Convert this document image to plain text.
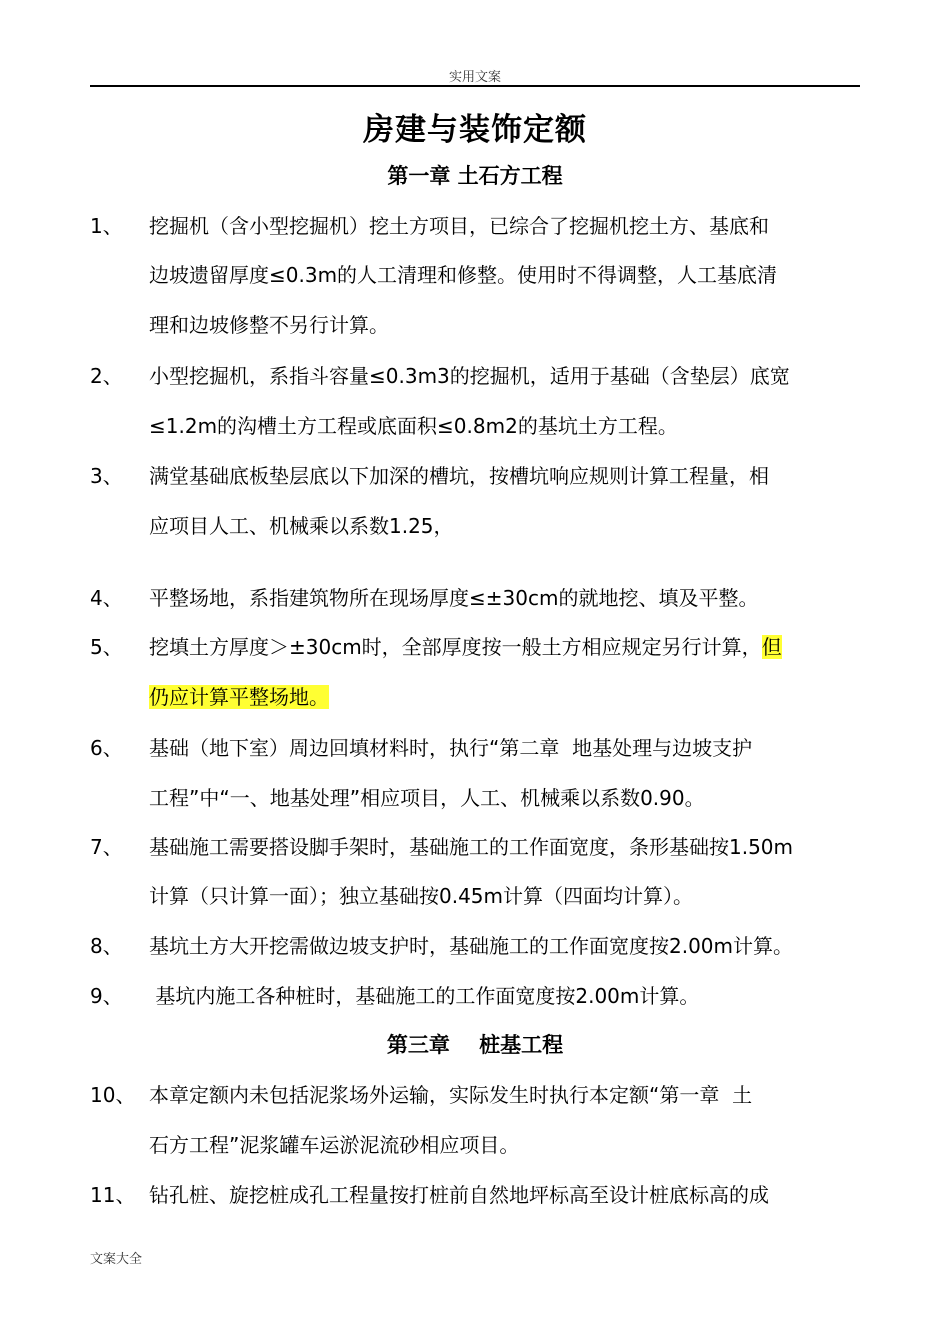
实用文案
房建与装饰定额
第一章 土石方工程
1、 挖掘机（含小型挖掘机）挖土方项目，已综合了挖掘机挖土方、基底和
边坡遗留厚度≤0.3m的人工清理和修整。使用时不得调整，人工基底清
理和边坡修整不另行计算。
2、 小型挖掘机，系指斗容量≤0.3m3的挖掘机，适用于基础（含垫层）底宽
≤1.2m的沟槽土方工程或底面积≤0.8m2的基坑土方工程。
3、 满堂基础底板垫层底以下加深的槽坑，按槽坑响应规则计算工程量，相
应项目人工、机械乘以系数1.25，
4、 平整场地，系指建筑物所在现场厚度≤±30cm的就地挖、填及平整。
5、 挖填土方厚度＞±30cm时，全部厚度按一般土方相应规定另行计算，但
仍应计算平整场地。
6、 基础（地下室）周边回填材料时，执行“第二章  地基处理与边坡支护
工程”中“一、地基处理”相应项目，人工、机械乘以系数0.90。
7、 基础施工需要搭设脚手架时，基础施工的工作面宽度，条形基础按1.50m
计算（只计算一面）；独立基础按0.45m计算（四面均计算）。
8、 基坑土方大开挖需做边坡支护时，基础施工的工作面宽度按2.00m计算。
9、 基坑内施工各种桩时，基础施工的工作面宽度按2.00m计算。
第三章    桩基工程
10、 本章定额内未包括泥浆场外运输，实际发生时执行本定额“第一章  土
石方工程”泥浆罐车运淤泥流砂相应项目。
11、 钻孔桩、旋挖桩成孔工程量按打桩前自然地坪标高至设计桩底标高的成
文案大全
